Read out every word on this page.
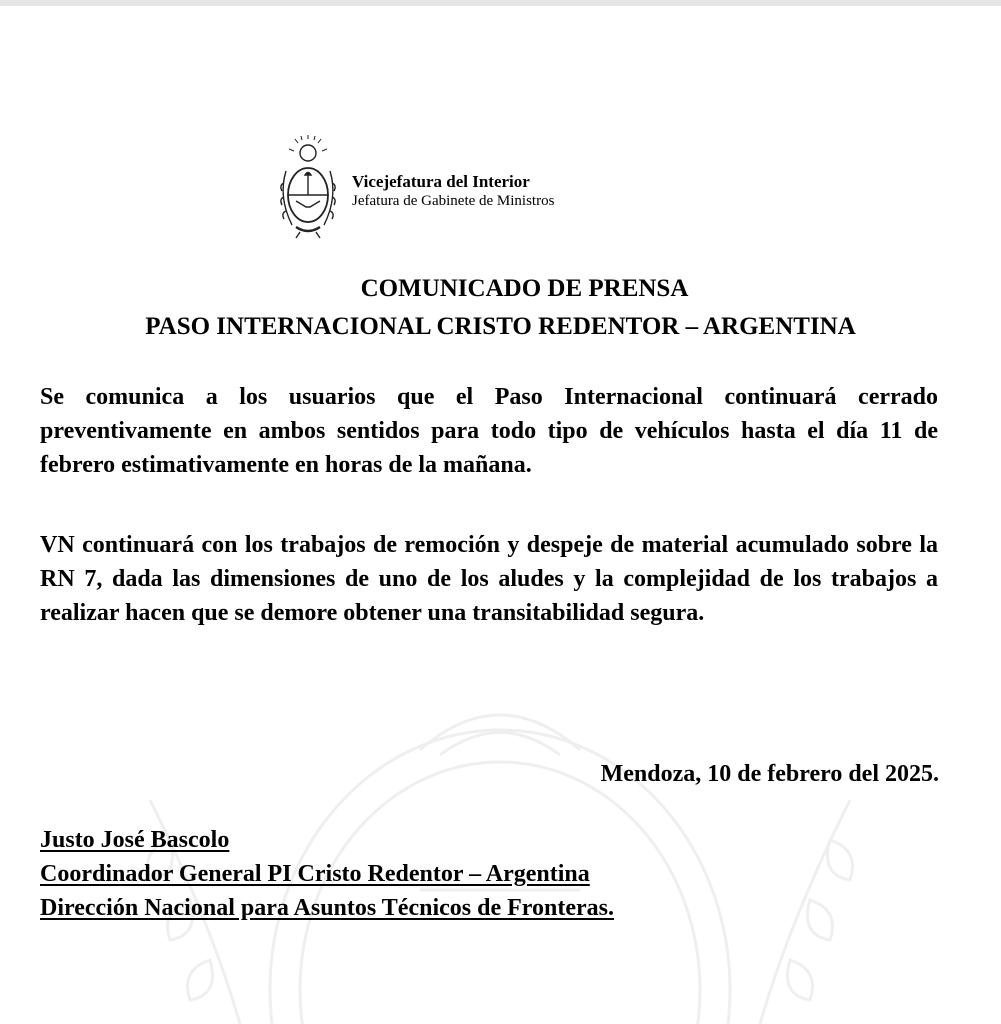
Vicejefatura del Interior
Jefatura de Gabinete de Ministros
COMUNICADO DE PRENSA
PASO INTERNACIONAL CRISTO REDENTOR – ARGENTINA
Se comunica a los usuarios que el Paso Internacional continuará cerrado preventivamente en ambos sentidos para todo tipo de vehículos hasta el día 11 de febrero estimativamente en horas de la mañana.
VN continuará con los trabajos de remoción y despeje de material acumulado sobre la RN 7, dada las dimensiones de uno de los aludes y la complejidad de los trabajos a realizar hacen que se demore obtener una transitabilidad segura.
Mendoza, 10 de febrero del 2025.
Justo José Bascolo
Coordinador General PI Cristo Redentor – Argentina
Dirección Nacional para Asuntos Técnicos de Fronteras.
